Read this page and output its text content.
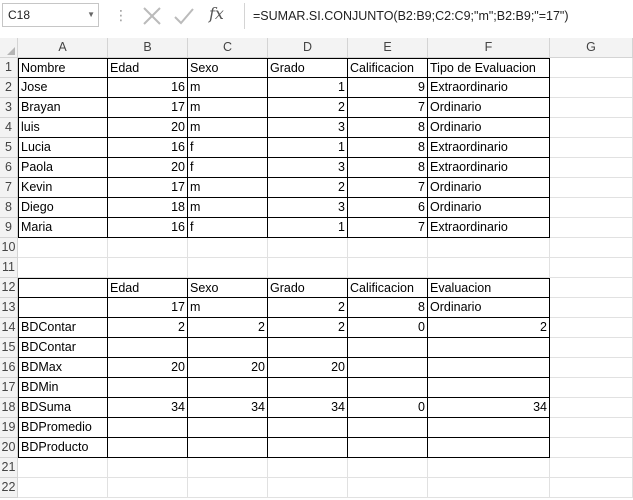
C18	▼ ⋮	fx	=SUMAR.SI.CONJUNTO(B2:B9;C2:C9;"m";B2:B9;"=17")
A	B	C	D	E	F	G
1 Nombre	Edad	Sexo	Grado	Calificacion	Tipo de Evaluacion
2 Jose	16 m	1	9 Extraordinario
3 Brayan	17 m	2	7 Ordinario
4 luis	20 m	3	8 Ordinario
5 Lucia	16 f	1	8 Extraordinario
6 Paola	20 f	3	8 Extraordinario
7 Kevin	17 m	2	7 Ordinario
8 Diego	18 m	3	6 Ordinario
9 Maria	16 f	1	7 Extraordinario
10
11
12	Edad	Sexo	Grado	Calificacion	Evaluacion
13	17 m	2	8 Ordinario
14 BDContar	2	2	2	0	2
15 BDContar
16 BDMax	20	20	20
17 BDMin
18 BDSuma	34	34	34	0	34
19 BDPromedio
20 BDProducto
21
22
